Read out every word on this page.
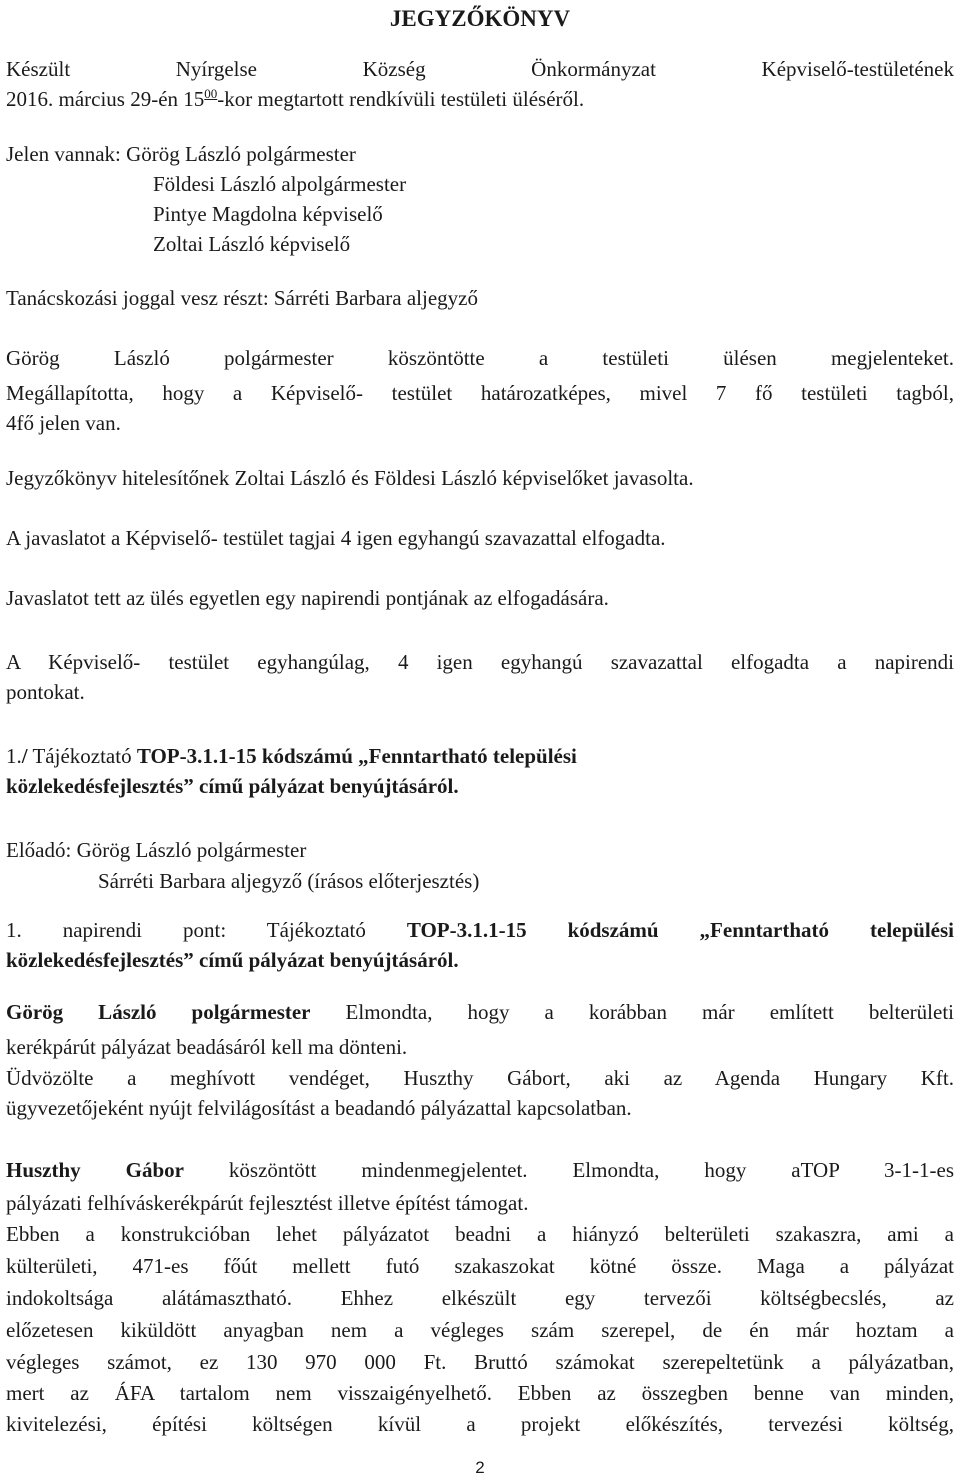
JEGYZŐKÖNYV
Készült Nyírgelse Község Önkormányzat Képviselő-testületének
2016. március 29-én $15^{00}$-kor megtartott rendkívüli testületi üléséről.
Jelen vannak: Görög László polgármester
Földesi László alpolgármester
Pintye Magdolna képviselő
Zoltai László képviselő
Tanácskozási joggal vesz részt: Sárréti Barbara aljegyző
Görög László polgármester köszöntötte a testületi ülésen megjelenteket.
Megállapította, hogy a Képviselő- testület határozatképes, mivel 7 fő testületi tagból,
4fő jelen van.
Jegyzőkönyv hitelesítőnek Zoltai László és Földesi László képviselőket javasolta.
A javaslatot a Képviselő- testület tagjai 4 igen egyhangú szavazattal elfogadta.
Javaslatot tett az ülés egyetlen egy napirendi pontjának az elfogadására.
A Képviselő- testület egyhangúlag, 4 igen egyhangú szavazattal elfogadta a napirendi
pontokat.
1./ Tájékoztató TOP-3.1.1-15 kódszámú „Fenntartható települési
közlekedésfejlesztés” című pályázat benyújtásáról.
Előadó: Görög László polgármester
Sárréti Barbara aljegyző (írásos előterjesztés)
1. napirendi pont: Tájékoztató TOP-3.1.1-15 kódszámú „Fenntartható települési
közlekedésfejlesztés” című pályázat benyújtásáról.
Görög László polgármester Elmondta, hogy a korábban már említett belterületi
kerékpárút pályázat beadásáról kell ma dönteni.
Üdvözölte a meghívott vendéget, Huszthy Gábort, aki az Agenda Hungary Kft.
ügyvezetőjeként nyújt felvilágosítást a beadandó pályázattal kapcsolatban.
Huszthy Gábor köszöntött mindenmegjelentet. Elmondta, hogy aTOP 3-1-1-es
pályázati felhíváskerékpárút fejlesztést illetve építést támogat.
Ebben a konstrukcióban lehet pályázatot beadni a hiányzó belterületi szakaszra, ami a
külterületi, 471-es főút mellett futó szakaszokat kötné össze. Maga a pályázat
indokoltsága alátámasztható. Ehhez elkészült egy tervezői költségbecslés, az
előzetesen kiküldött anyagban nem a végleges szám szerepel, de én már hoztam a
végleges számot, ez 130 970 000 Ft. Bruttó számokat szerepeltetünk a pályázatban,
mert az ÁFA tartalom nem visszaigényelhető. Ebben az összegben benne van minden,
kivitelezési, építési költségen kívül a projekt előkészítés, tervezési költség,
2
